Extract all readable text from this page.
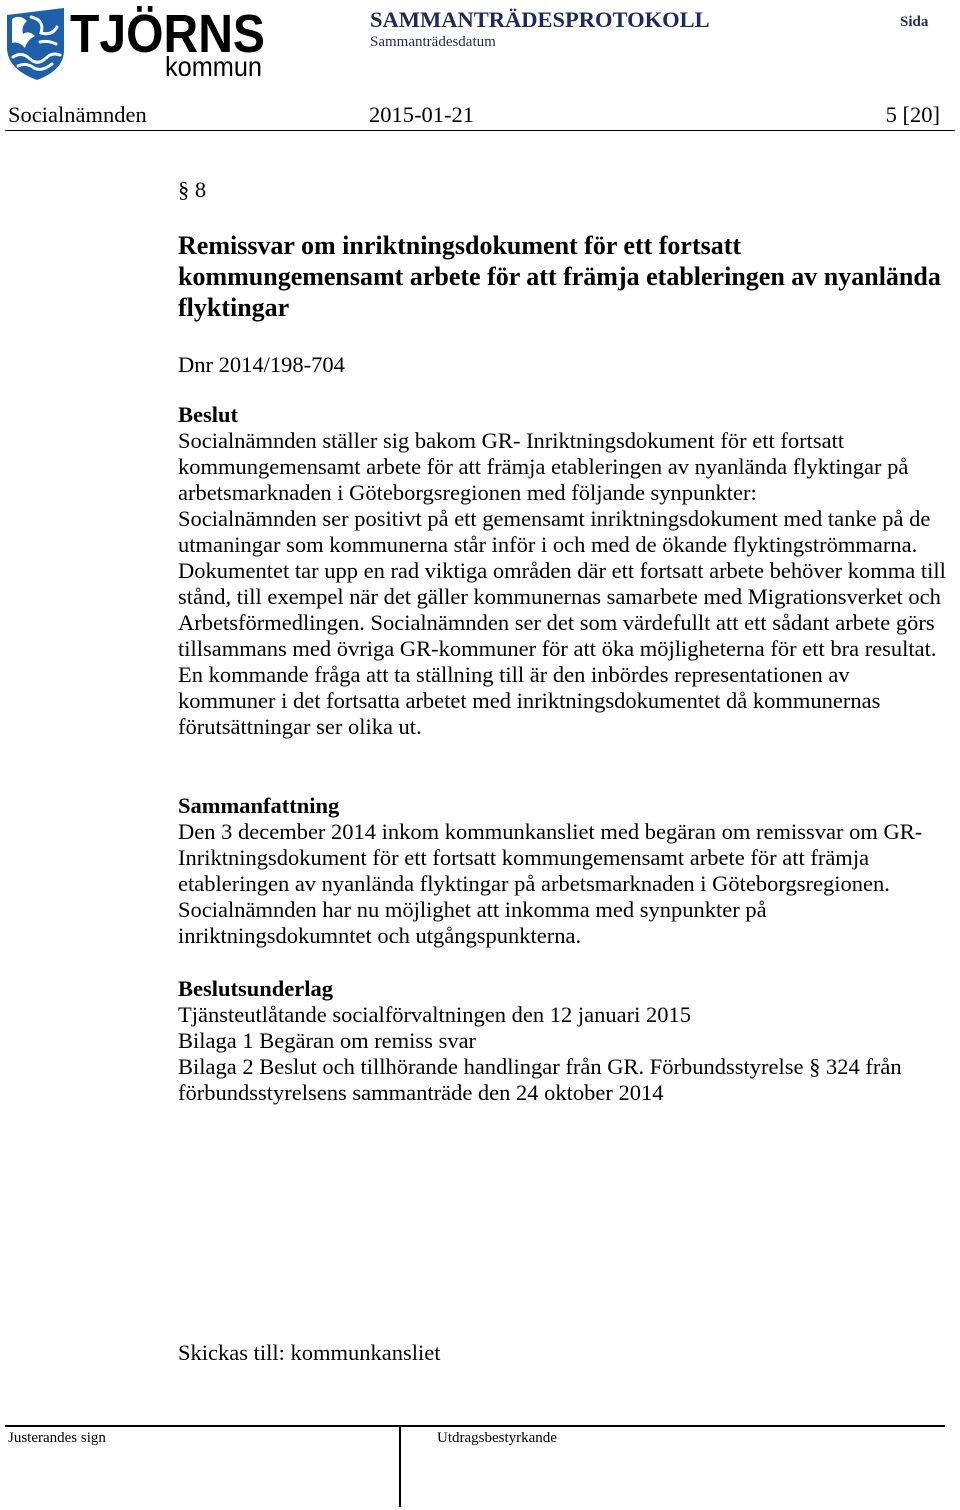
TJÖRNS
kommun
SAMMANTRÄDESPROTOKOLL
Sammanträdesdatum
Sida
Socialnämnden	2015-01-21	5 [20]
§ 8
Remissvar om inriktningsdokument för ett fortsatt
kommungemensamt arbete för att främja etableringen av nyanlända
flyktingar
Dnr 2014/198-704
Beslut
Socialnämnden ställer sig bakom GR- Inriktningsdokument för ett fortsatt
kommungemensamt arbete för att främja etableringen av nyanlända flyktingar på
arbetsmarknaden i Göteborgsregionen med följande synpunkter:
Socialnämnden ser positivt på ett gemensamt inriktningsdokument med tanke på de
utmaningar som kommunerna står inför i och med de ökande flyktingströmmarna.
Dokumentet tar upp en rad viktiga områden där ett fortsatt arbete behöver komma till
stånd, till exempel när det gäller kommunernas samarbete med Migrationsverket och
Arbetsförmedlingen. Socialnämnden ser det som värdefullt att ett sådant arbete görs
tillsammans med övriga GR-kommuner för att öka möjligheterna för ett bra resultat.
En kommande fråga att ta ställning till är den inbördes representationen av
kommuner i det fortsatta arbetet med inriktningsdokumentet då kommunernas
förutsättningar ser olika ut.
Sammanfattning
Den 3 december 2014 inkom kommunkansliet med begäran om remissvar om GR-
Inriktningsdokument för ett fortsatt kommungemensamt arbete för att främja
etableringen av nyanlända flyktingar på arbetsmarknaden i Göteborgsregionen.
Socialnämnden har nu möjlighet att inkomma med synpunkter på
inriktningsdokumntet och utgångspunkterna.
Beslutsunderlag
Tjänsteutlåtande socialförvaltningen den 12 januari 2015
Bilaga 1 Begäran om remiss svar
Bilaga 2 Beslut och tillhörande handlingar från GR. Förbundsstyrelse § 324 från
förbundsstyrelsens sammanträde den 24 oktober 2014
Skickas till: kommunkansliet
Justerandes sign	Utdragsbestyrkande
